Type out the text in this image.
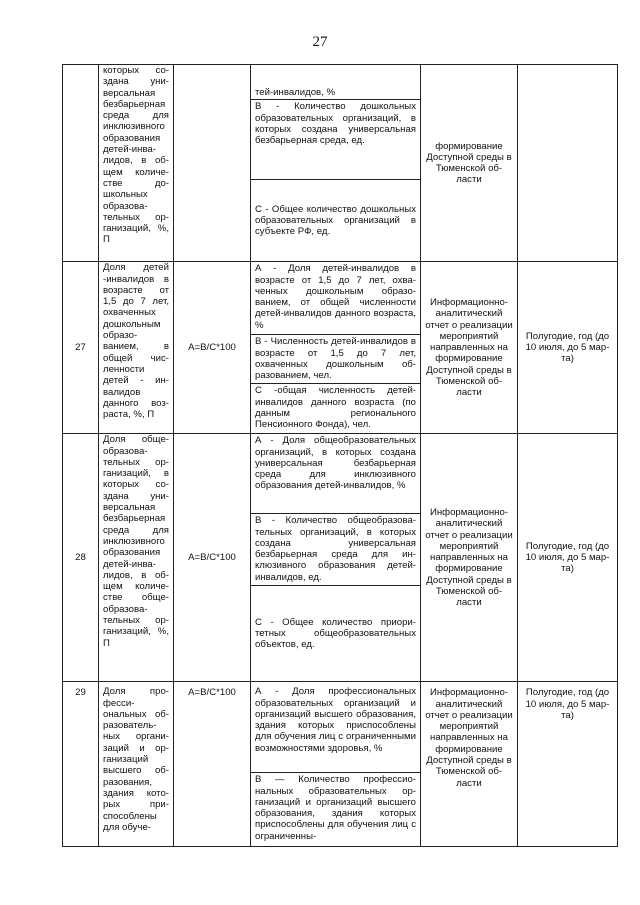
27
	которых создана универсальная безбарьерная среда для инклюзивного образования детей-инвалидов, в общем количестве дошкольных образовательных организаций, %, П		тей-инвалидов, %	формирование Доступной среды в Тюменской области	
			В - Количество дошкольных образовательных организаций, в которых создана универсальная безбарьерная среда, ед.		
			С - Общее количество дошкольных образовательных организаций в субъекте РФ, ед.		
27	Доля детей -инвалидов в возрасте от 1,5 до 7 лет, охваченных дошкольным образованием, в общей численности детей - инвалидов данного возраста, %, П	А=В/С*100	А - Доля детей-инвалидов в возрасте от 1,5 до 7 лет, охваченных дошкольным образованием, от общей численности детей-инвалидов данного возраста, %	Информационно-аналитический отчет о реализации мероприятий направленных на формирование Доступной среды в Тюменской области	Полугодие, год (до 10 июля, до 5 марта)
			В - Численность детей-инвалидов в возрасте от 1,5 до 7 лет, охваченных дошкольным образованием, чел.		
			С -общая численность детей-инвалидов данного возраста (по данным регионального Пенсионного Фонда), чел.		
28	Доля общеобразовательных организаций, в которых создана универсальная безбарьерная среда для инклюзивного образования детей-инвалидов, в общем количестве общеобразовательных организаций, %, П	А=В/С*100	А - Доля общеобразовательных организаций, в которых создана универсальная безбарьерная среда для инклюзивного образования детей-инвалидов, %	Информационно-аналитический отчет о реализации мероприятий направленных на формирование Доступной среды в Тюменской области	Полугодие, год (до 10 июля, до 5 марта)
			В - Количество общеобразовательных организаций, в которых создана универсальная безбарьерная среда для инклюзивного образования детей-инвалидов, ед.		
			С - Общее количество приоритетных общеобразовательных объектов, ед.		
29	Доля профессиональных образовательных организаций и организаций высшего образования, здания которых приспособлены для обуче-	А=В/С*100	А - Доля профессиональных образовательных организаций и организаций высшего образования, здания которых приспособлены для обучения лиц с ограниченными возможностями здоровья, %	Информационно-аналитический отчет о реализации мероприятий направленных на формирование Доступной среды в Тюменской области	Полугодие, год (до 10 июля, до 5 марта)
			В — Количество профессиональных образовательных организаций и организаций высшего образования, здания которых приспособлены для обучения лиц с ограниченны-		
